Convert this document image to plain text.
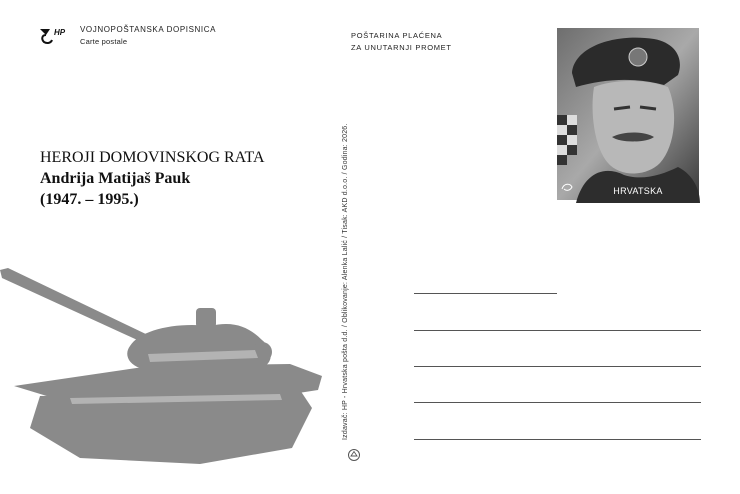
HP VOJNOPOŠTANSKA DOPISNICA
Carte postale
POŠTARINA PLAĆENA
ZA UNUTARNJI PROMET
HEROJI DOMOVINSKOG RATA
Andrija Matijaš Pauk
(1947. – 1995.)	Izdavač: HP - Hrvatska pošta d.d. / Oblikovanje: Alenka Lalić / Tisak: AKD d.o.o. / Godina: 2026.	HRVATSKA
